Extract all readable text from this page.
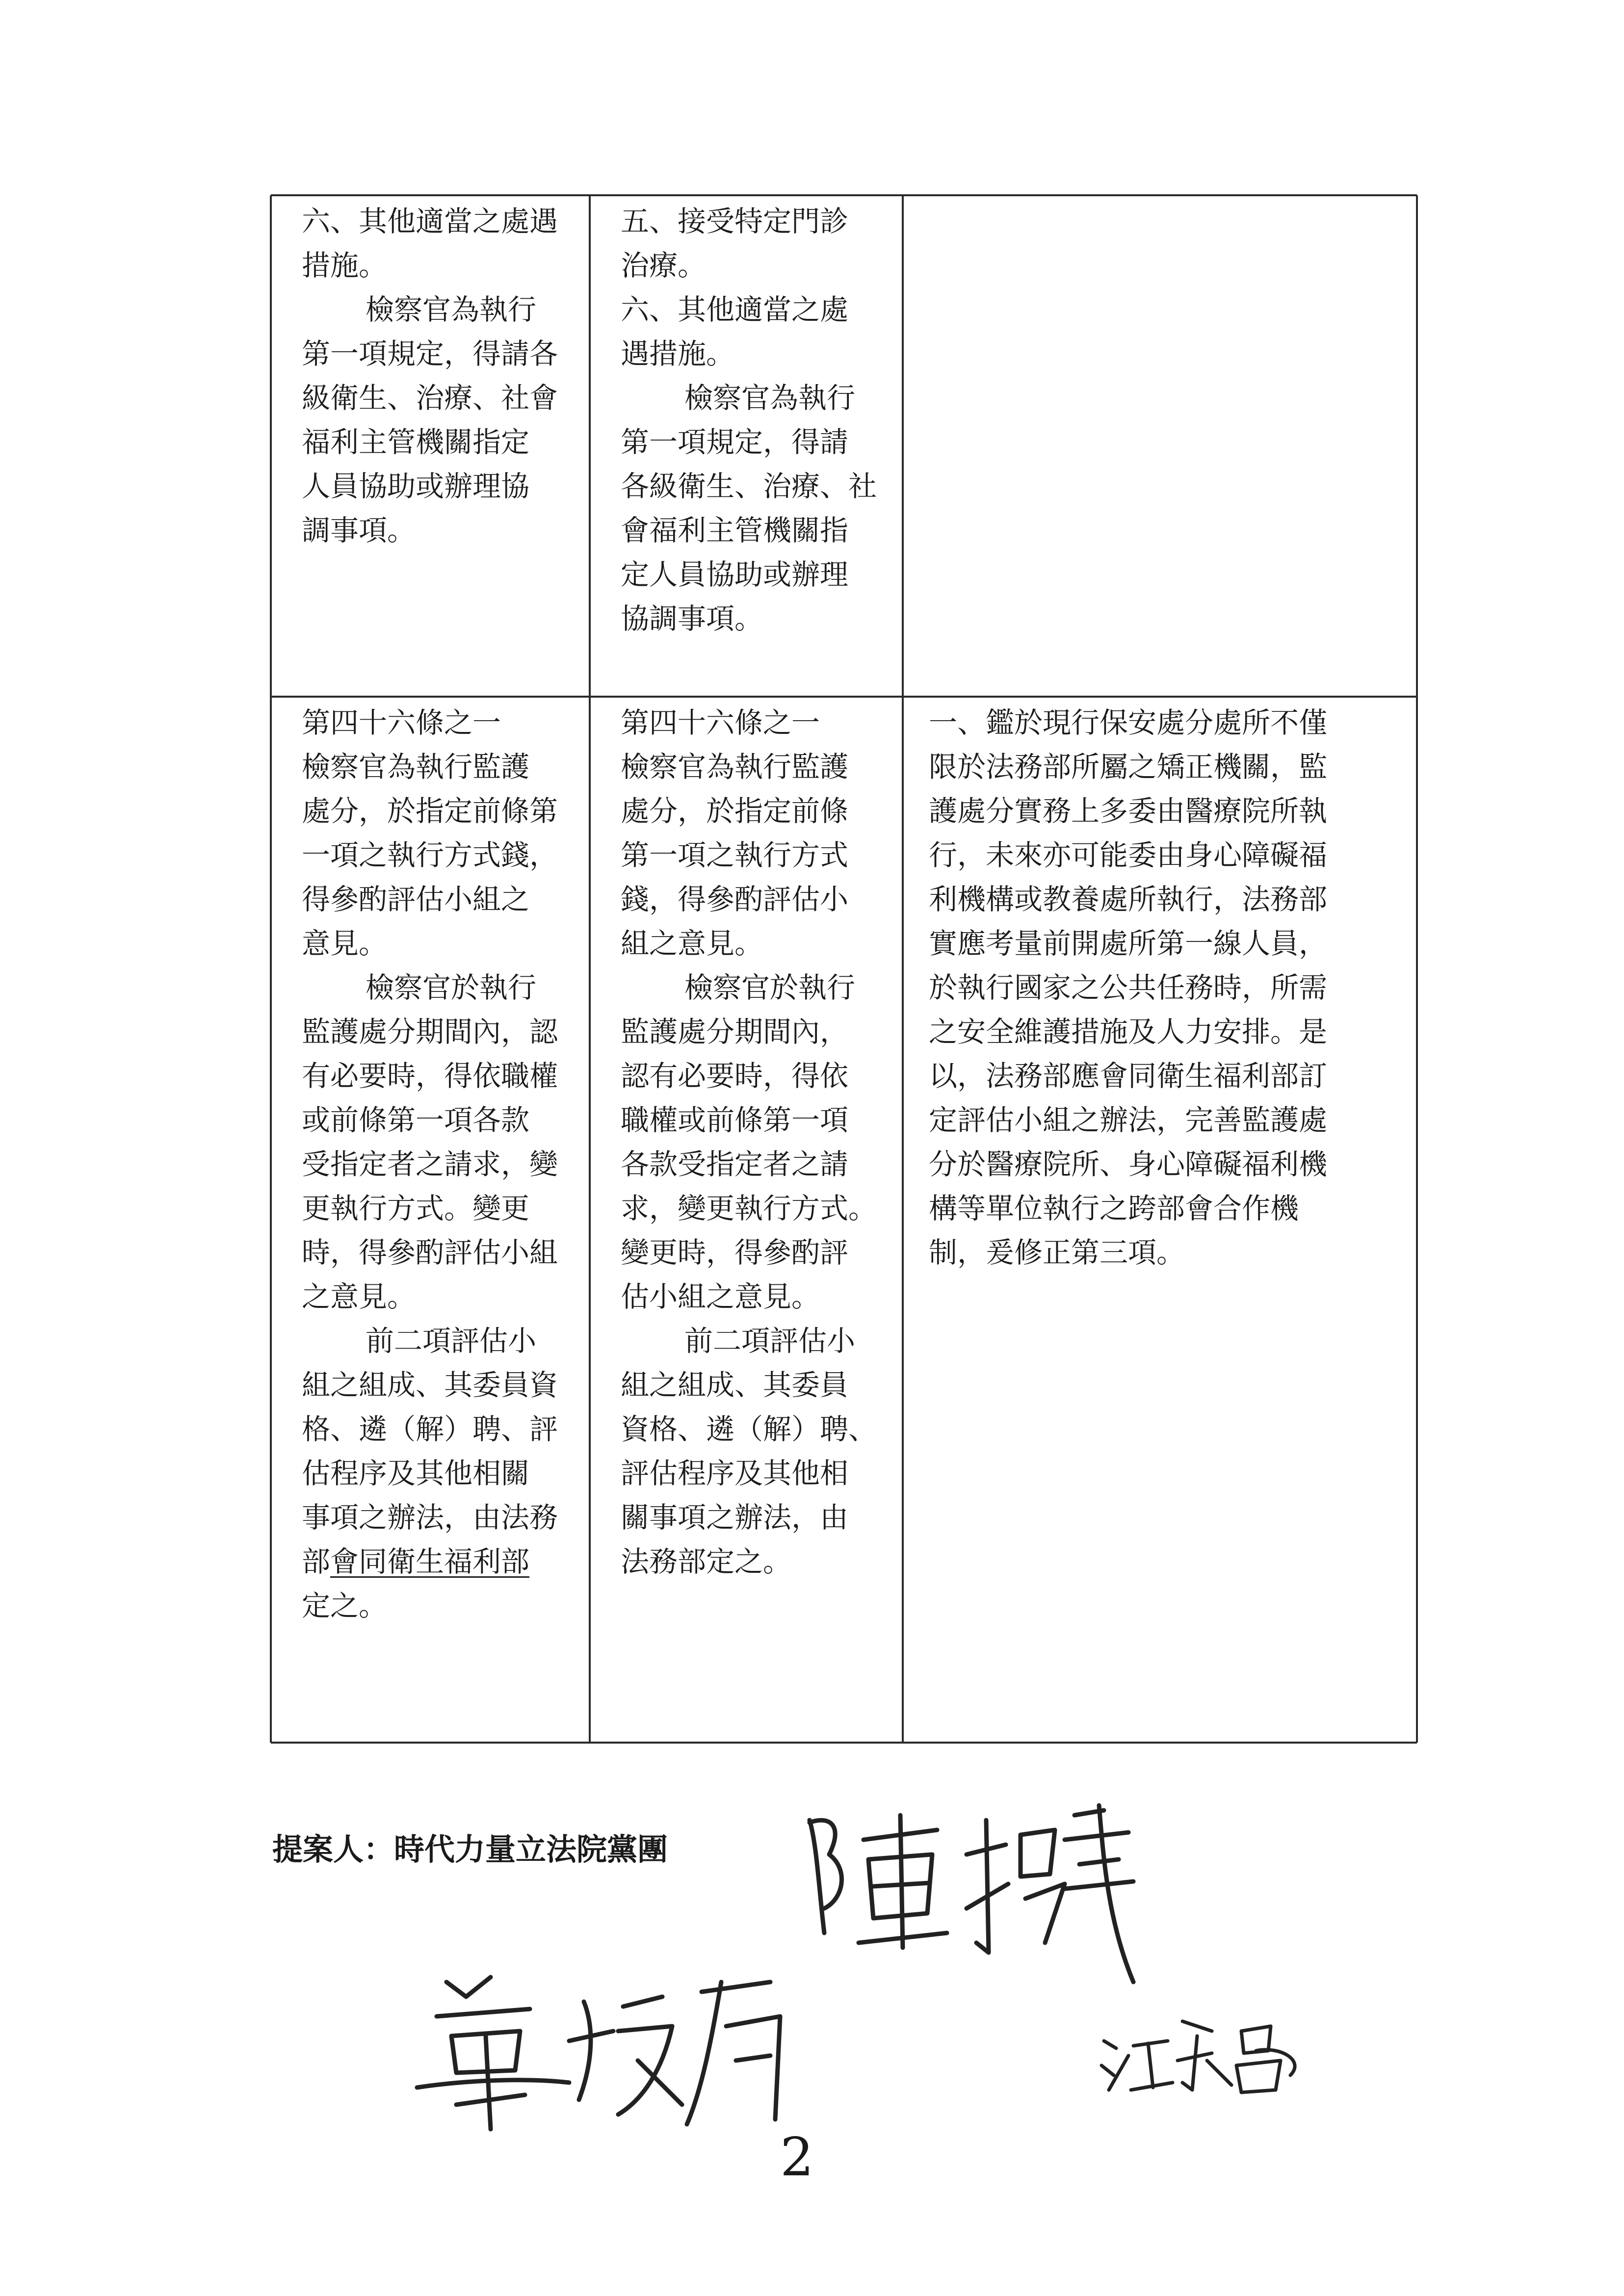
六、其他適當之處遇
措施。
檢察官為執行
第一項規定，得請各
級衛生、治療、社會
福利主管機關指定
人員協助或辦理協
調事項。
五、接受特定門診
治療。
六、其他適當之處
遇措施。
檢察官為執行
第一項規定，得請
各級衛生、治療、社
會福利主管機關指
定人員協助或辦理
協調事項。
第四十六條之一
檢察官為執行監護
處分，於指定前條第
一項之執行方式錢，
得參酌評估小組之
意見。
檢察官於執行
監護處分期間內，認
有必要時，得依職權
或前條第一項各款
受指定者之請求，變
更執行方式。變更
時，得參酌評估小組
之意見。
前二項評估小
組之組成、其委員資
格、遴（解）聘、評
估程序及其他相關
事項之辦法，由法務
部會同衛生福利部
定之。
第四十六條之一
檢察官為執行監護
處分，於指定前條
第一項之執行方式
錢，得參酌評估小
組之意見。
檢察官於執行
監護處分期間內，
認有必要時，得依
職權或前條第一項
各款受指定者之請
求，變更執行方式。
變更時，得參酌評
估小組之意見。
前二項評估小
組之組成、其委員
資格、遴（解）聘、
評估程序及其他相
關事項之辦法，由
法務部定之。
一、鑑於現行保安處分處所不僅
限於法務部所屬之矯正機關，監
護處分實務上多委由醫療院所執
行，未來亦可能委由身心障礙福
利機構或教養處所執行，法務部
實應考量前開處所第一線人員，
於執行國家之公共任務時，所需
之安全維護措施及人力安排。是
以，法務部應會同衛生福利部訂
定評估小組之辦法，完善監護處
分於醫療院所、身心障礙福利機
構等單位執行之跨部會合作機
制，爰修正第三項。
提案人：時代力量立法院黨團
2
